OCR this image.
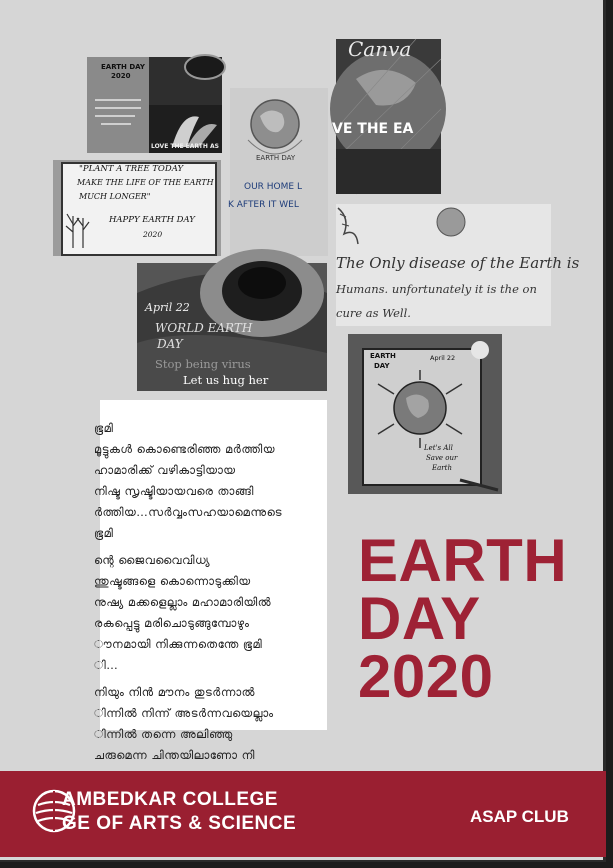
EARTH DAY
2020
LOVE THE EARTH AS
"PLANT A TREE TODAY
MAKE THE LIFE OF THE EARTH
MUCH LONGER"
HAPPY EARTH DAY
2020
EARTH DAY
OUR HOME L
K AFTER IT WEL
Canva
VE THE EA
The Only disease of the Earth is
Humans. unfortunately it is the on
cure as Well.
April 22
WORLD EARTH
DAY
Stop being virus
Let us hug her
EARTH
DAY
April 22
Let's All
Save our
Earth
ഭൂമി
മൂട്ടുകൾ കൊണ്ടെരിഞ്ഞ മർത്തിയ
ഹാമാരിക്ക് വഴികാട്ടിയായ
നിഷ്ട സൃഷ്ടിയായവരെ താങ്ങി
ർത്തിയ…സർവ്വംസഹയാമെന്നുടെ
ഭൂമി
ന്റെ ജൈവവൈവിധ്യ
ന്തുഷ്ടങ്ങളെ കൊന്നൊടുക്കിയ
നുഷ്യ മക്കളെല്ലാം മഹാമാരിയിൽ
രകപ്പെട്ടു മരിചൊടുങ്ങുമ്പോഴും
ൗനമായി നിക്കുന്നതെന്തേ ഭൂമി
ി…
നിയും നിൻ മൗനം തുടർന്നാൽ
ിന്നിൽ നിന്ന് അടർന്നവയെല്ലാം
ിന്നിൽ തന്നെ അലിഞ്ഞു
ചരുമെന്ന ചിന്തയിലാണോ നി
EARTH
DAY
2020
AMBEDKAR COLLEGE
GE OF ARTS & SCIENCE	ASAP CLUB
